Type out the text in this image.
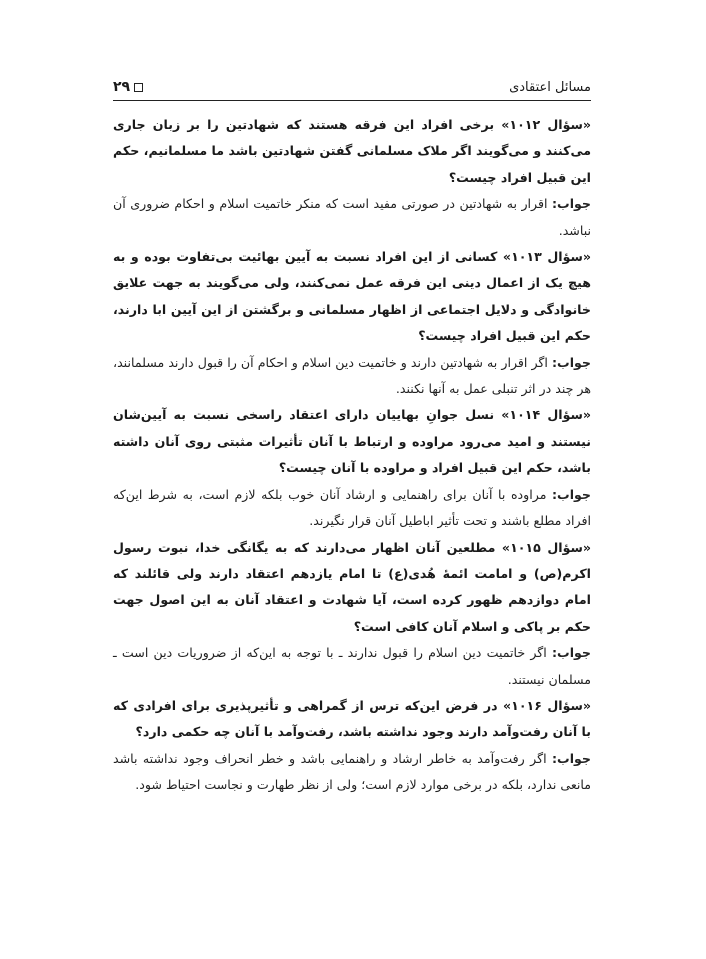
مسائل اعتقادی
۲۹

«سؤال ۱۰۱۲» برخی افراد این فرقه هستند که شهادتین را بر زبان جاری می‌کنند و می‌گویند اگر ملاک مسلمانی گفتن شهادتین باشد ما مسلمانیم، حکم این قبیل افراد چیست؟

جواب: اقرار به شهادتین در صورتی مفید است که منکر خاتمیت اسلام و احکام ضروری آن نباشد.

«سؤال ۱۰۱۳» کسانی از این افراد نسبت به آیین بهائیت بی‌تفاوت بوده و به هیچ یک از اعمال دینی این فرقه عمل نمی‌کنند، ولی می‌گویند به جهت علایق خانوادگی و دلایل اجتماعی از اظهار مسلمانی و برگشتن از این آیین ابا دارند، حکم این قبیل افراد چیست؟

جواب: اگر اقرار به شهادتین دارند و خاتمیت دین اسلام و احکام آن را قبول دارند مسلمانند، هر چند در اثر تنبلی عمل به آنها نکنند.

«سؤال ۱۰۱۴» نسل جوانِ بهاییان دارای اعتقاد راسخی نسبت به آیین‌شان نیستند و امید می‌رود مراوده و ارتباط با آنان تأثیرات مثبتی روی آنان داشته باشد، حکم این قبیل افراد و مراوده با آنان چیست؟

جواب: مراوده با آنان برای راهنمایی و ارشاد آنان خوب بلکه لازم است، به شرط این‌که افراد مطلع باشند و تحت تأثیر اباطیل آنان قرار نگیرند.

«سؤال ۱۰۱۵» مطلعین آنان اظهار می‌دارند که به یگانگی خدا، نبوت رسول اکرم(ص) و امامت ائمهٔ هُدی(ع) تا امام یازدهم اعتقاد دارند ولی قائلند که امام دوازدهم ظهور کرده است، آیا شهادت و اعتقاد آنان به این اصول جهت حکم بر پاکی و اسلام آنان کافی است؟

جواب: اگر خاتمیت دین اسلام را قبول ندارند ـ با توجه به این‌که از ضروریات دین است ـ مسلمان نیستند.

«سؤال ۱۰۱۶» در فرض این‌که ترس از گمراهی و تأثیرپذیری برای افرادی که با آنان رفت‌وآمد دارند وجود نداشته باشد، رفت‌وآمد با آنان چه حکمی دارد؟

جواب: اگر رفت‌وآمد به خاطر ارشاد و راهنمایی باشد و خطر انحراف وجود نداشته باشد مانعی ندارد، بلکه در برخی موارد لازم است؛ ولی از نظر طهارت و نجاست احتیاط شود.
